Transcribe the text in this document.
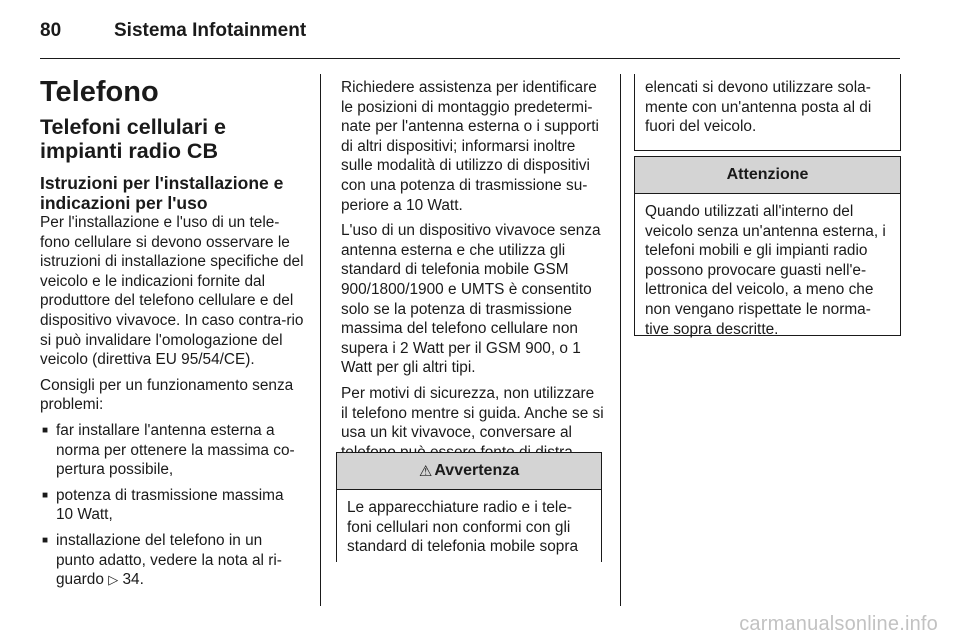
80	Sistema Infotainment
Telefono
Telefoni cellulari e impianti radio CB
Istruzioni per l'installazione e indicazioni per l'uso

Per l'installazione e l'uso di un tele-fono cellulare si devono osservare le istruzioni di installazione specifiche del veicolo e le indicazioni fornite dal produttore del telefono cellulare e del dispositivo vivavoce. In caso contra-rio si può invalidare l'omologazione del veicolo (direttiva EU 95/54/CE).

Consigli per un funzionamento senza problemi:

■ far installare l'antenna esterna a norma per ottenere la massima co-pertura possibile,
■ potenza di trasmissione massima 10 Watt,
■ installazione del telefono in un punto adatto, vedere la nota al ri-guardo ▷ 34.

Richiedere assistenza per identificare le posizioni di montaggio predetermi-nate per l'antenna esterna o i supporti di altri dispositivi; informarsi inoltre sulle modalità di utilizzo di dispositivi con una potenza di trasmissione su-periore a 10 Watt.

L'uso di un dispositivo vivavoce senza antenna esterna e che utilizza gli standard di telefonia mobile GSM 900/1800/1900 e UMTS è consentito solo se la potenza di trasmissione massima del telefono cellulare non supera i 2 Watt per il GSM 900, o 1 Watt per gli altri tipi.

Per motivi di sicurezza, non utilizzare il telefono mentre si guida. Anche se si usa un kit vivavoce, conversare al

⚠ Avvertenza
Le apparecchiature radio e i tele-foni cellulari non conformi con gli standard di telefonia mobile sopra
elencati si devono utilizzare sola-mente con un'antenna posta al di fuori del veicolo.
Attenzione
Quando utilizzati all'interno del veicolo senza un'antenna esterna, i telefoni mobili e gli impianti radio possono provocare guasti nell'e-lettronica del veicolo, a meno che non vengano rispettate le norma-tive sopra descritte.
carmanualsonline.info
